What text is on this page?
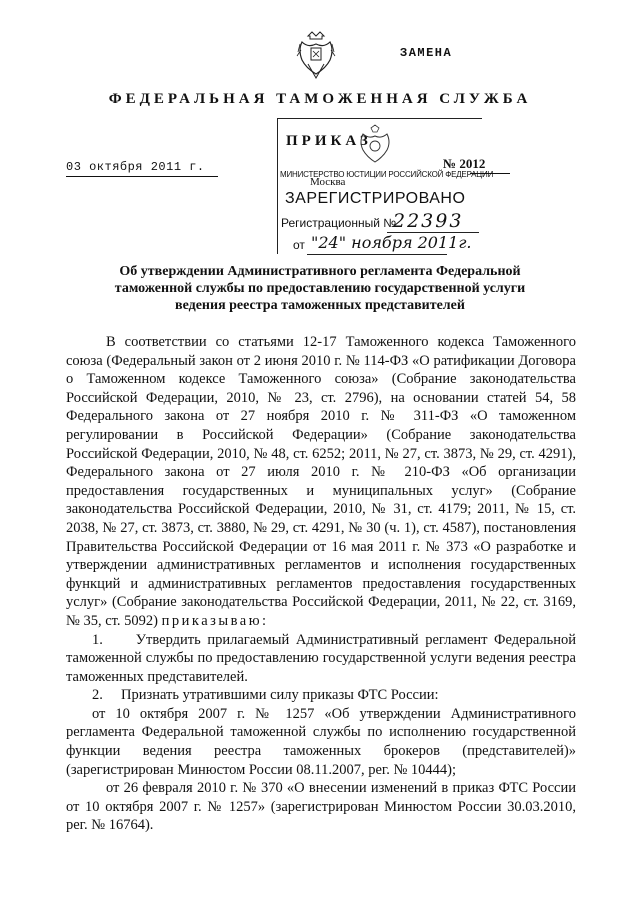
ЗАМЕНА
ФЕДЕРАЛЬНАЯ ТАМОЖЕННАЯ СЛУЖБА
03 октября 2011 г.
ПРИКАЗ
№ 2012
Москва
МИНИСТЕРСТВО ЮСТИЦИИ РОССИЙСКОЙ ФЕДЕРАЦИИ
ЗАРЕГИСТРИРОВАНО
Регистрационный №
22393
от "24" ноября 2011г.
Об утверждении Административного регламента Федеральной таможенной службы по предоставлению государственной услуги ведения реестра таможенных представителей

В соответствии со статьями 12-17 Таможенного кодекса Таможенного союза (Федеральный закон от 2 июня 2010 г. № 114-ФЗ «О ратификации Договора о Таможенном кодексе Таможенного союза» (Собрание законодательства Российской Федерации, 2010, № 23, ст. 2796), на основании статей 54, 58 Федерального закона от 27 ноября 2010 г. № 311-ФЗ «О таможенном регулировании в Российской Федерации» (Собрание законодательства Российской Федерации, 2010, № 48, ст. 6252; 2011, № 27, ст. 3873, № 29, ст. 4291), Федерального закона от 27 июля 2010 г. № 210-ФЗ «Об организации предоставления государственных и муниципальных услуг» (Собрание законодательства Российской Федерации, 2010, № 31, ст. 4179; 2011, № 15, ст. 2038, № 27, ст. 3873, ст. 3880, № 29, ст. 4291, № 30 (ч. 1), ст. 4587), постановления Правительства Российской Федерации от 16 мая 2011 г. № 373 «О разработке и утверждении административных регламентов и исполнения государственных функций и административных регламентов предоставления государственных услуг» (Собрание законодательства Российской Федерации, 2011, № 22, ст. 3169, № 35, ст. 5092) приказываю:

1.     Утвердить прилагаемый Административный регламент Федеральной таможенной службы по предоставлению государственной услуги ведения реестра таможенных представителей.

2.     Признать утратившими силу приказы ФТС России:

от 10 октября 2007 г. № 1257 «Об утверждении Административного регламента Федеральной таможенной службы по исполнению государственной функции ведения реестра таможенных брокеров (представителей)» (зарегистрирован Минюстом России 08.11.2007, рег. № 10444);

от 26 февраля 2010 г. № 370 «О внесении изменений в приказ ФТС России от 10 октября 2007 г. № 1257» (зарегистрирован Минюстом России 30.03.2010, рег. № 16764).
